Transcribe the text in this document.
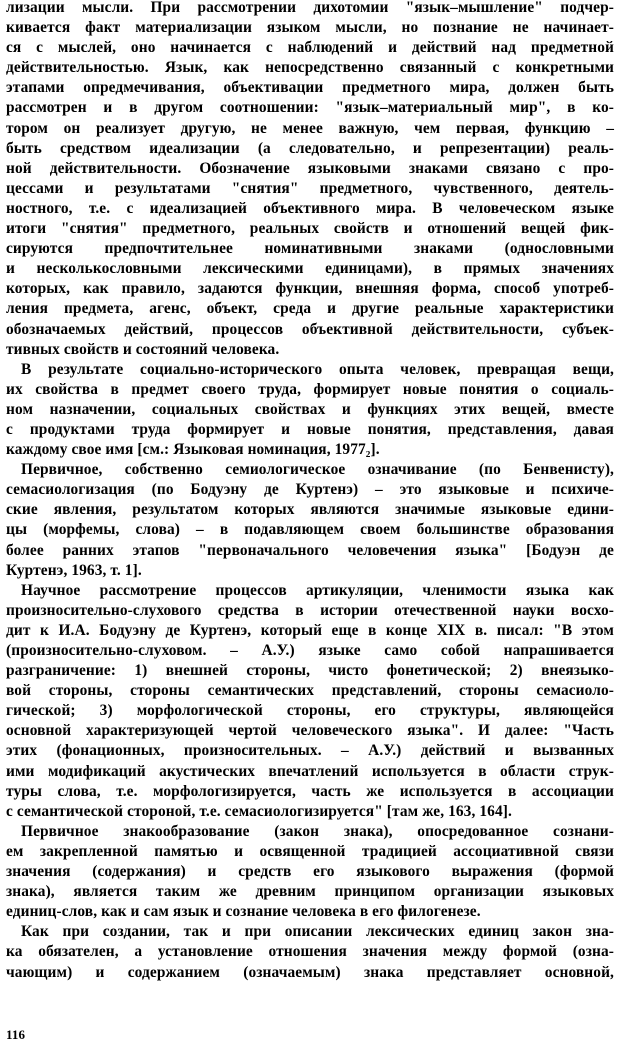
лизации мысли. При рассмотрении дихотомии "язык–мышление" подчер-
кивается факт материализации языком мысли, но познание не начинает-
ся с мыслей, оно начинается с наблюдений и действий над предметной
действительностью. Язык, как непосредственно связанный с конкретными
этапами опредмечивания, объективации предметного мира, должен быть
рассмотрен и в другом соотношении: "язык–материальный мир", в ко-
тором он реализует другую, не менее важную, чем первая, функцию –
быть средством идеализации (а следовательно, и репрезентации) реаль-
ной действительности. Обозначение языковыми знаками связано с про-
цессами и результатами "снятия" предметного, чувственного, деятель-
ностного, т.е. с идеализацией объективного мира. В человеческом языке
итоги "снятия" предметного, реальных свойств и отношений вещей фик-
сируются предпочтительнее номинативными знаками (однословными
и несколькословными лексическими единицами), в прямых значениях
которых, как правило, задаются функции, внешняя форма, способ употреб-
ления предмета, агенс, объект, среда и другие реальные характеристики
обозначаемых действий, процессов объективной действительности, субъек-
тивных свойств и состояний человека.
В результате социально-исторического опыта человек, превращая вещи,
их свойства в предмет своего труда, формирует новые понятия о социаль-
ном назначении, социальных свойствах и функциях этих вещей, вместе
с продуктами труда формирует и новые понятия, представления, давая
каждому свое имя [см.: Языковая номинация, 1977₂].
Первичное, собственно семиологическое означивание (по Бенвенисту),
семасиологизация (по Бодуэну де Куртенэ) – это языковые и психиче-
ские явления, результатом которых являются значимые языковые едини-
цы (морфемы, слова) – в подавляющем своем большинстве образования
более ранних этапов "первоначального человечения языка" [Бодуэн де
Куртенэ, 1963, т. 1].
Научное рассмотрение процессов артикуляции, членимости языка как
произносительно-слухового средства в истории отечественной науки восхо-
дит к И.А. Бодуэну де Куртенэ, который еще в конце XIX в. писал: "В этом
(произносительно-слуховом. – А.У.) языке само собой напрашивается
разграничение: 1) внешней стороны, чисто фонетической; 2) внеязыко-
вой стороны, стороны семантических представлений, стороны семасиоло-
гической; 3) морфологической стороны, его структуры, являющейся
основной характеризующей чертой человеческого языка". И далее: "Часть
этих (фонационных, произносительных. – А.У.) действий и вызванных
ими модификаций акустических впечатлений используется в области струк-
туры слова, т.е. морфологизируется, часть же используется в ассоциации
с семантической стороной, т.е. семасиологизируется" [там же, 163, 164].
Первичное знакообразование (закон знака), опосредованное сознани-
ем закрепленной памятью и освященной традицией ассоциативной связи
значения (содержания) и средств его языкового выражения (формой
знака), является таким же древним принципом организации языковых
единиц-слов, как и сам язык и сознание человека в его филогенезе.
Как при создании, так и при описании лексических единиц закон зна-
ка обязателен, а установление отношения значения между формой (озна-
чающим) и содержанием (означаемым) знака представляет основной,
116
